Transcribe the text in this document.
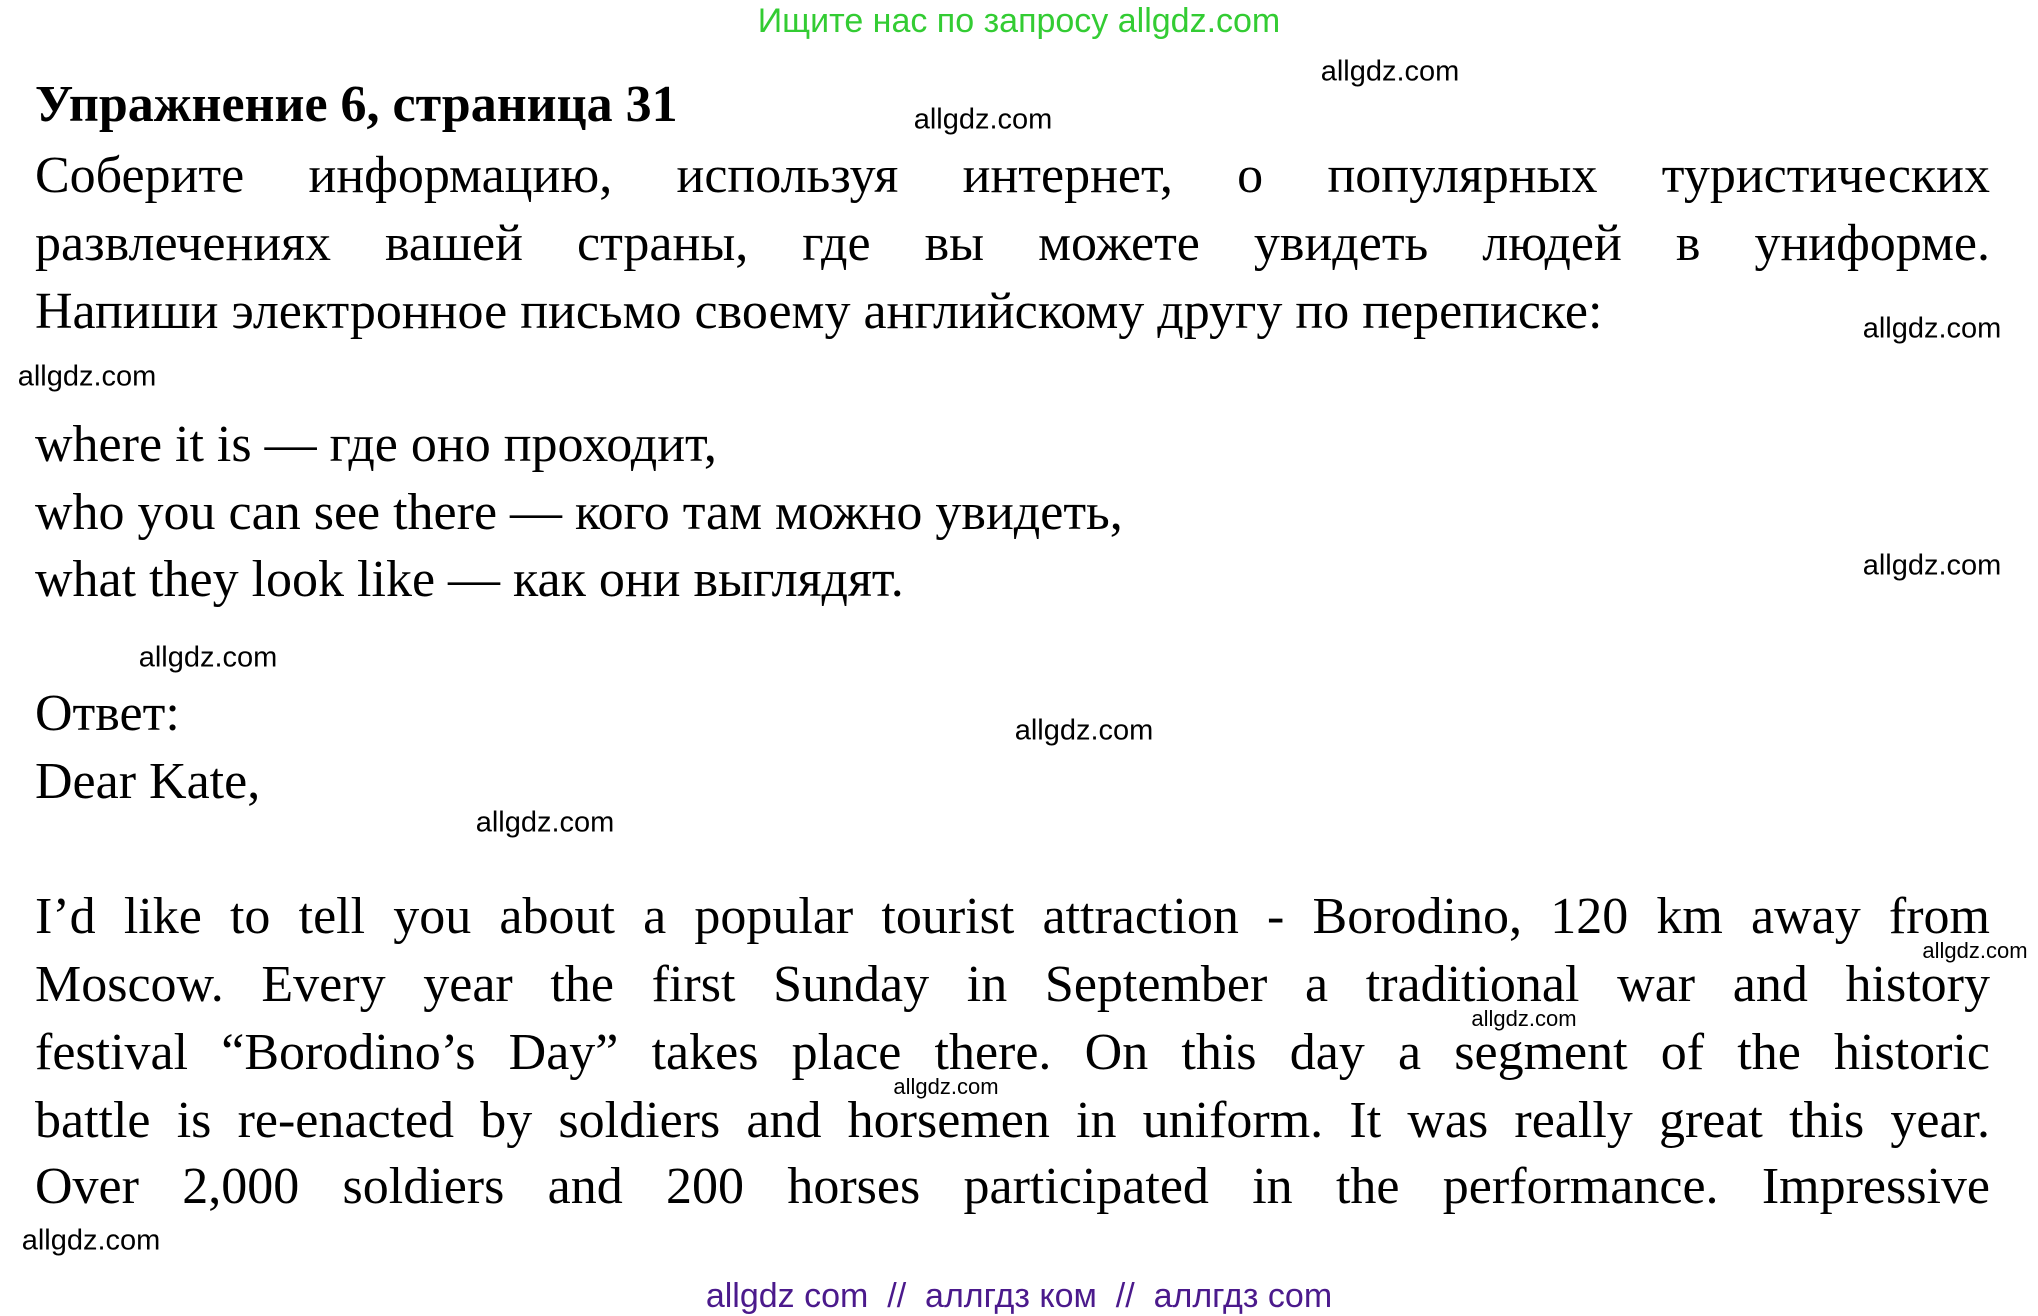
Ищите нас по запросу allgdz.com
Упражнение 6, страница 31
Соберите информацию, используя интернет, о популярных туристических
развлечениях вашей страны, где вы можете увидеть людей в униформе.
Напиши электронное письмо своему английскому другу по переписке:
where it is — где оно проходит,
who you can see there — кого там можно увидеть,
what they look like — как они выглядят.
Ответ:
Dear Kate,
I’d like to tell you about a popular tourist attraction - Borodino, 120 km away from
Moscow. Every year the first Sunday in September a traditional war and history
festival “Borodino’s Day” takes place there. On this day a segment of the historic
battle is re-enacted by soldiers and horsemen in uniform. It was really great this year.
Over 2,000 soldiers and 200 horses participated in the performance. Impressive
allgdz.com
allgdz.com
allgdz.com
allgdz.com
allgdz.com
allgdz.com
allgdz.com
allgdz.com
allgdz.com
allgdz.com
allgdz.com
allgdz.com
allgdz com  //  аллгдз ком  //  аллгдз com
